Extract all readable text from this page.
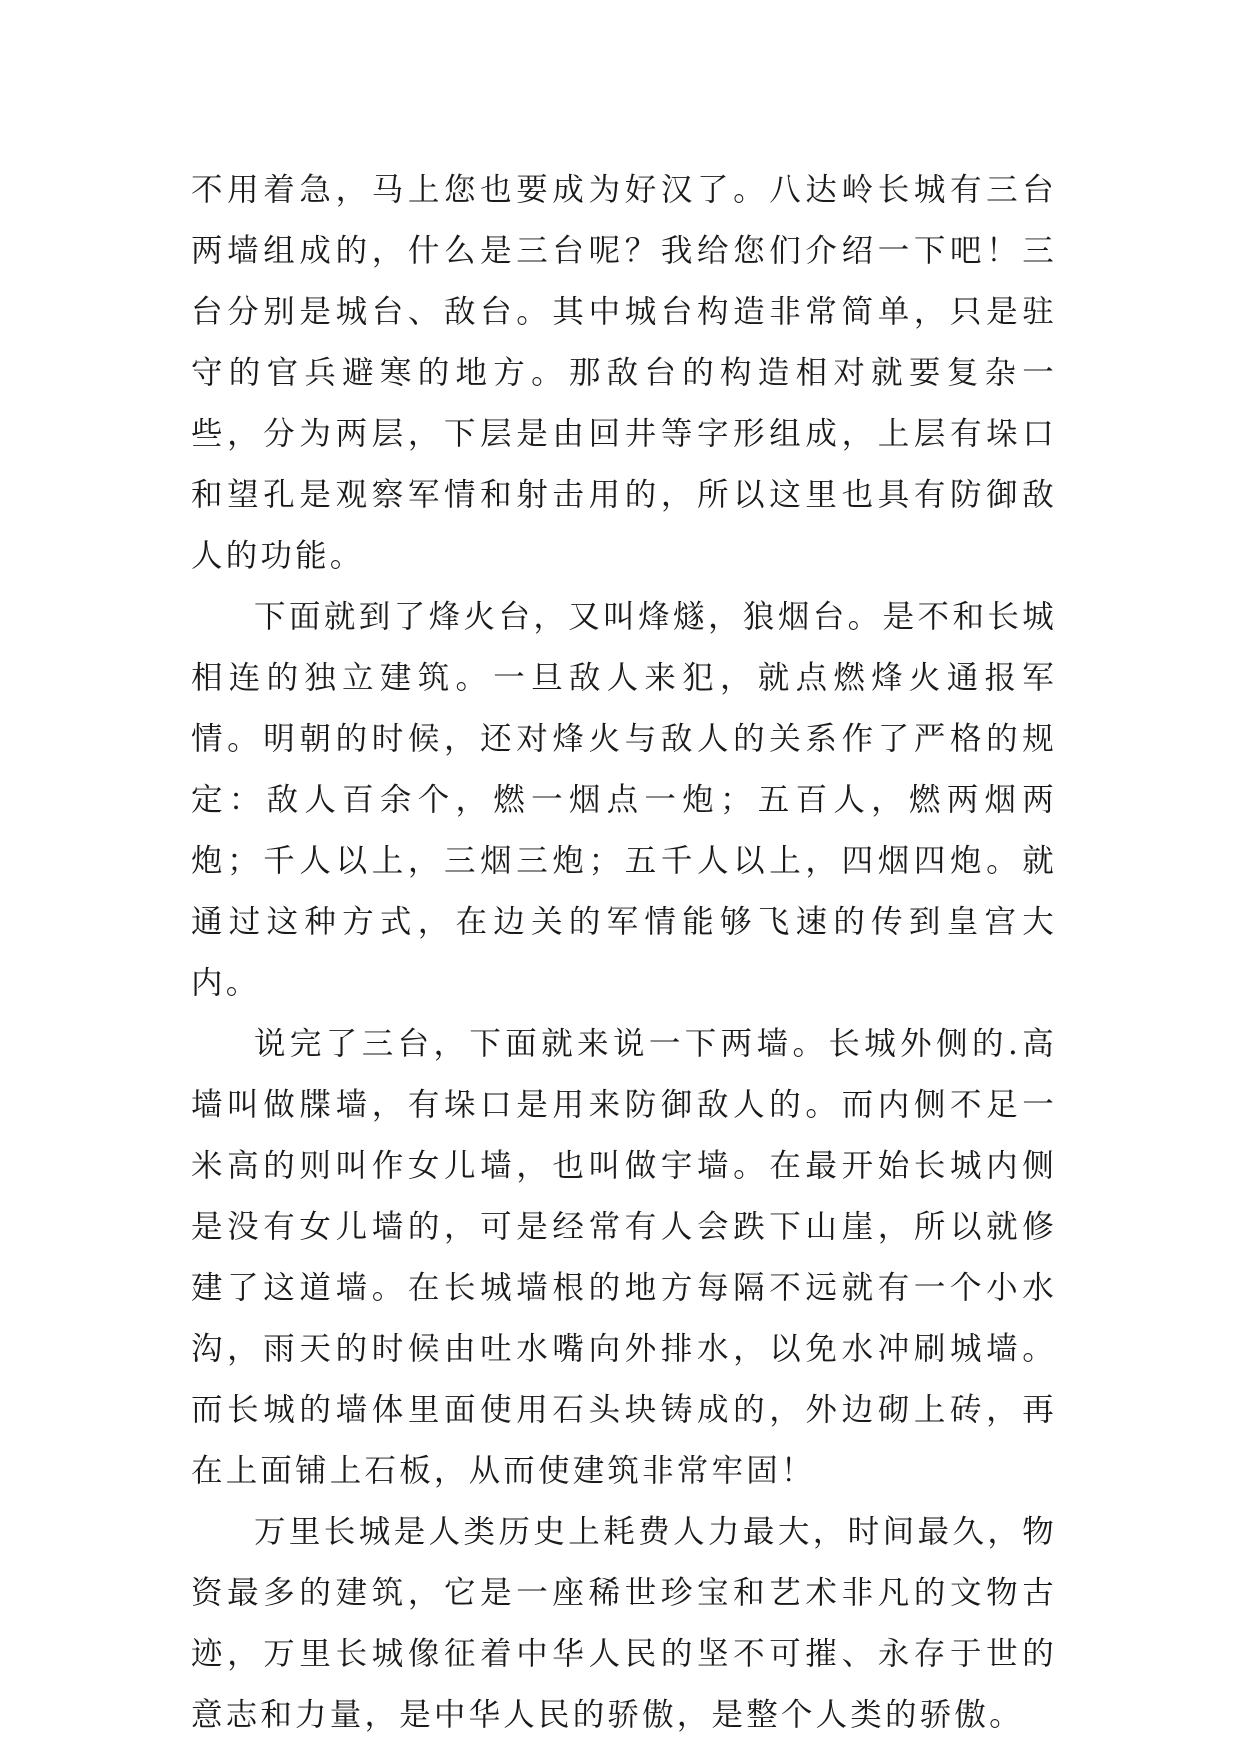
不用着急，马上您也要成为好汉了。八达岭长城有三台两墙组成的，什么是三台呢？我给您们介绍一下吧！三台分别是城台、敌台。其中城台构造非常简单，只是驻守的官兵避寒的地方。那敌台的构造相对就要复杂一些，分为两层，下层是由回井等字形组成，上层有垛口和望孔是观察军情和射击用的，所以这里也具有防御敌人的功能。

下面就到了烽火台，又叫烽燧，狼烟台。是不和长城相连的独立建筑。一旦敌人来犯，就点燃烽火通报军情。明朝的时候，还对烽火与敌人的关系作了严格的规定：敌人百余个，燃一烟点一炮；五百人，燃两烟两炮；千人以上，三烟三炮；五千人以上，四烟四炮。就通过这种方式，在边关的军情能够飞速的传到皇宫大内。

说完了三台，下面就来说一下两墙。长城外侧的.高墙叫做牒墙，有垛口是用来防御敌人的。而内侧不足一米高的则叫作女儿墙，也叫做宇墙。在最开始长城内侧是没有女儿墙的，可是经常有人会跌下山崖，所以就修建了这道墙。在长城墙根的地方每隔不远就有一个小水沟，雨天的时候由吐水嘴向外排水，以免水冲刷城墙。而长城的墙体里面使用石头块铸成的，外边砌上砖，再在上面铺上石板，从而使建筑非常牢固！

万里长城是人类历史上耗费人力最大，时间最久，物资最多的建筑，它是一座稀世珍宝和艺术非凡的文物古迹，万里长城像征着中华人民的坚不可摧、永存于世的意志和力量，是中华人民的骄傲，是整个人类的骄傲。
